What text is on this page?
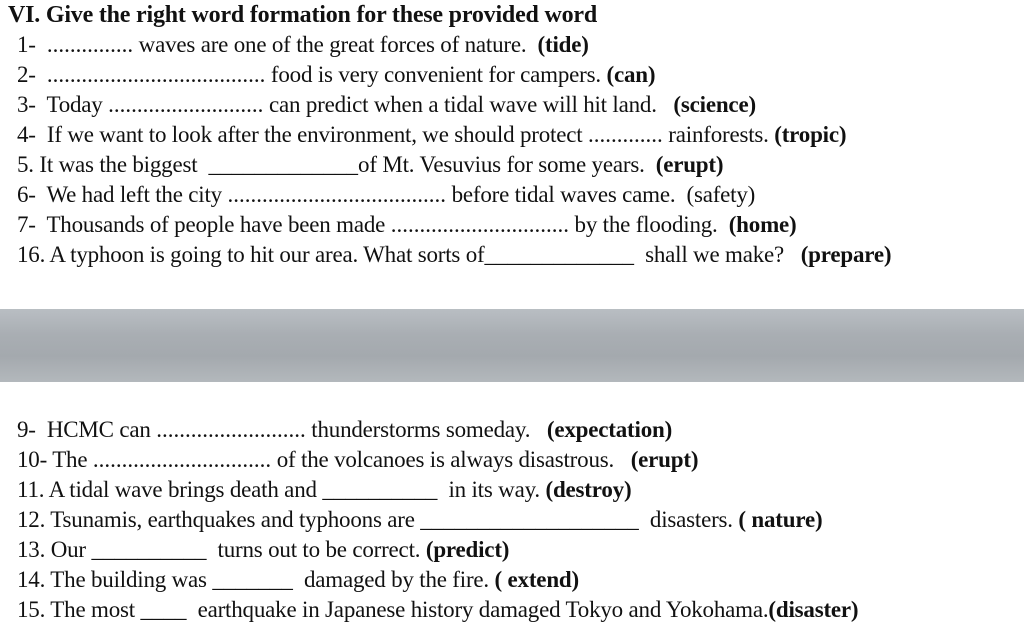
VI. Give the right word formation for these provided word
1- ............... waves are one of the great forces of nature.  (tide)
2- ...................................... food is very convenient for campers. (can)
3-  Today ........................... can predict when a tidal wave will hit land.   (science)
4-  If we want to look after the environment, we should protect ............. rainforests. (tropic)
5. It was the biggest  _____________of Mt. Vesuvius for some years.  (erupt)
6-  We had left the city ...................................... before tidal waves came.  (safety)
7-  Thousands of people have been made ............................... by the flooding.  (home)
16. A typhoon is going to hit our area. What sorts of_____________  shall we make?   (prepare)
9-  HCMC can .......................... thunderstorms someday.   (expectation)
10- The ............................... of the volcanoes is always disastrous.   (erupt)
11. A tidal wave brings death and __________  in its way. (destroy)
12. Tsunamis, earthquakes and typhoons are ___________________  disasters. ( nature)
13. Our __________  turns out to be correct. (predict)
14. The building was _______  damaged by the fire. ( extend)
15. The most ____  earthquake in Japanese history damaged Tokyo and Yokohama.(disaster)
